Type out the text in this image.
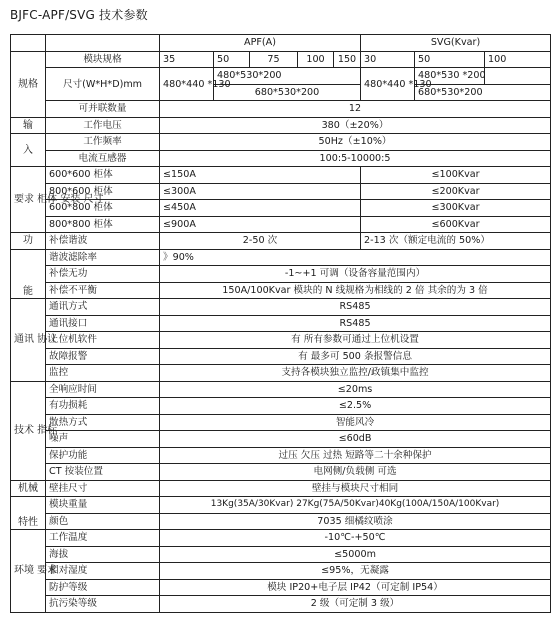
BJFC-APF/SVG 技术参数
		APF(A)					SVG(Kvar)		
规格	模块规格	35	50	75	100	150	30	50	100
	尺寸(W*H*D)mm	480*440 *130	480*530*200				480*440 *130	480*530 *200	
			680*530*200					680*530*200	
	可并联数量	12							
输	工作电压	380（±20%）							
入	工作频率	50Hz（±10%）							
	电流互感器	100:5-10000:5							
要求 柜体 安装 尺寸	600*600 柜体	≤150A					≤100Kvar		
	800*600 柜体	≤300A					≤200Kvar		
	600*800 柜体	≤450A					≤300Kvar		
	800*800 柜体	≤900A					≤600Kvar		
功	补偿谐波	2-50 次					2-13 次（额定电流的 50%）		
能	谐波滤除率	》90%							
	补偿无功	-1~+1 可调（设备容量范围内）							
	补偿不平衡	150A/100Kvar 模块的 N 线规格为相线的 2 倍 其余的为 3 倍							
通讯 协议	通讯方式	RS485							
	通讯接口	RS485							
	上位机软件	有 所有参数可通过上位机设置							
	故障报警	有 最多可 500 条报警信息							
	监控	支持各模块独立监控/政镇集中监控							
技术 指标	全响应时间	≤20ms							
	有功损耗	≤2.5%							
	散热方式	智能风冷							
	噪声	≤60dB							
	保护功能	过压 欠压 过热 短路等二十余种保护							
	CT 按装位置	电网侧/负载侧 可选							
机械	壁挂尺寸	壁挂与模块尺寸相同							
特性	模块重量	13Kg(35A/30Kvar) 27Kg(75A/50Kvar)40Kg(100A/150A/100Kvar)							
	颜色	7035 细橘纹喷涂							
环境 要求	工作温度	-10℃-+50℃							
	海拔	≤5000m							
	相对湿度	≤95%，无凝露							
	防护等级	模块 IP20+电子层 IP42（可定制 IP54）							
	抗污染等级	2 级（可定制 3 级）							
